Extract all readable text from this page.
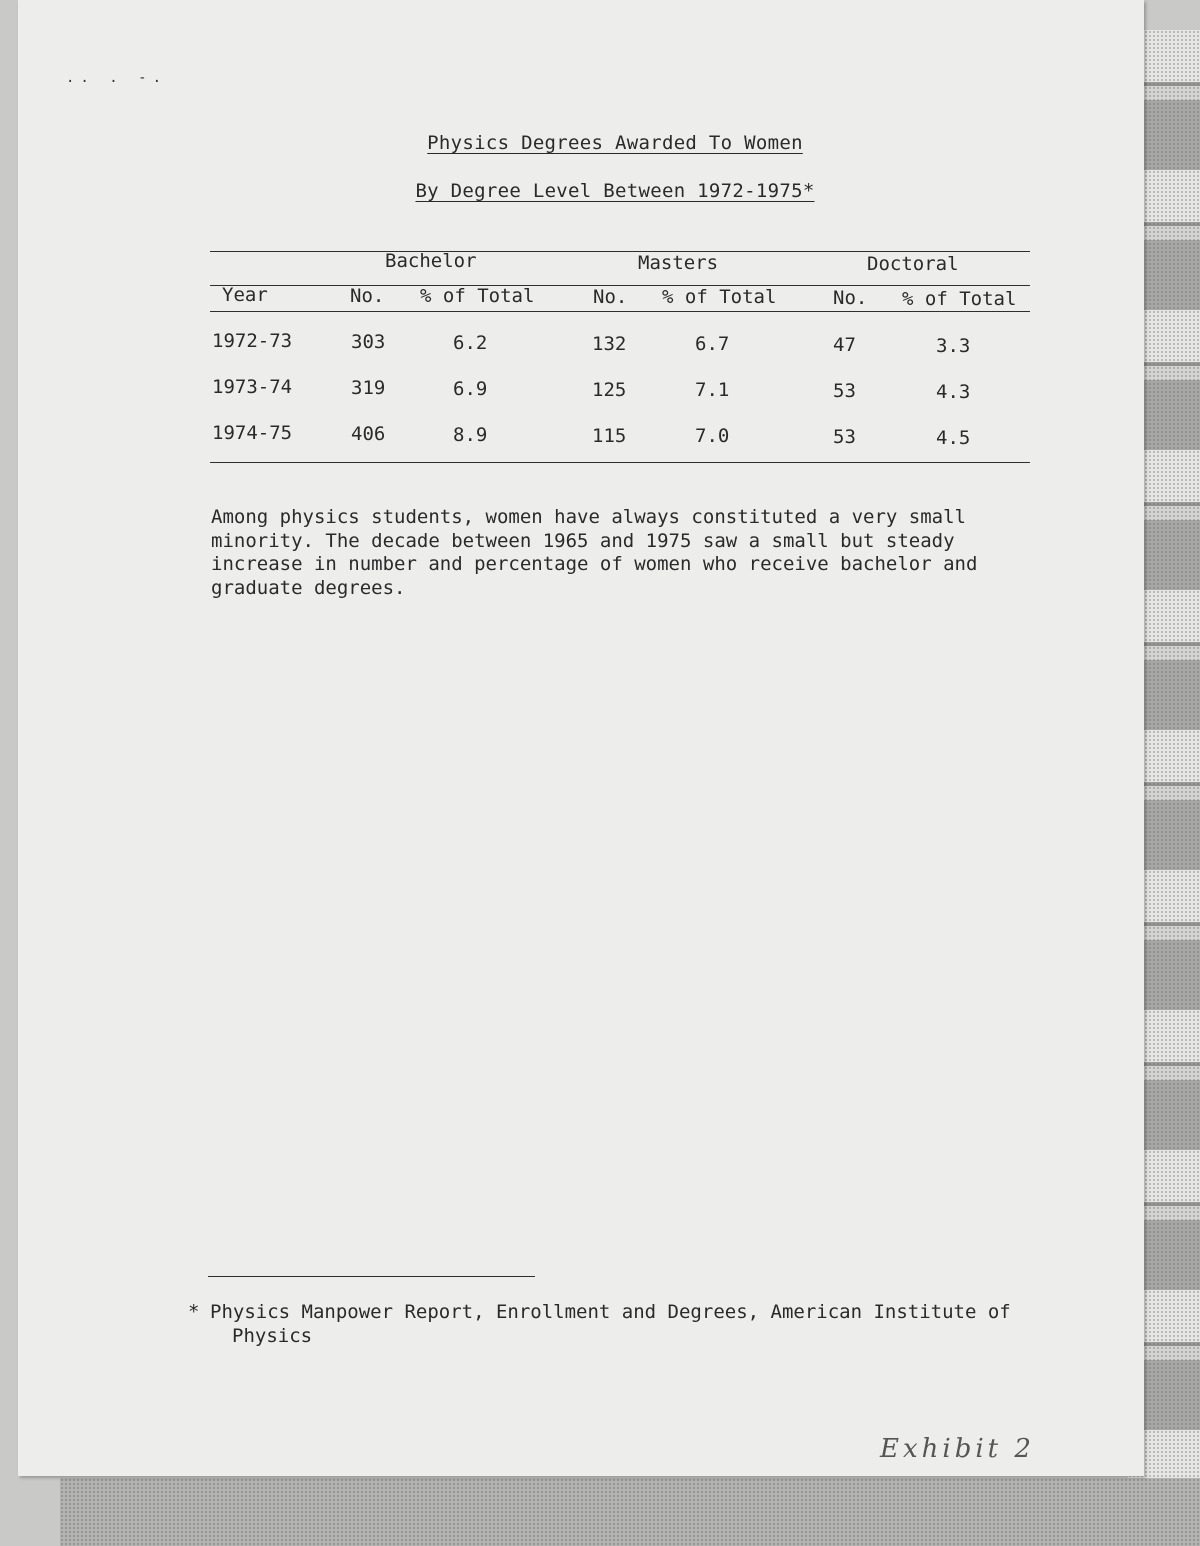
.. . -.
Physics Degrees Awarded To Women
By Degree Level Between 1972-1975*
Bachelor	Masters	Doctoral
Year	No. % of Total	No. % of Total	No. % of Total
1972-73	303	6.2	132	6.7	47	3.3
1973-74	319	6.9	125	7.1	53	4.3
1974-75	406	8.9	115	7.0	53	4.5
Among physics students, women have always constituted a very small
minority. The decade between 1965 and 1975 saw a small but steady
increase in number and percentage of women who receive bachelor and
graduate degrees.
* Physics Manpower Report, Enrollment and Degrees, American Institute of
Physics
Exhibit 2
